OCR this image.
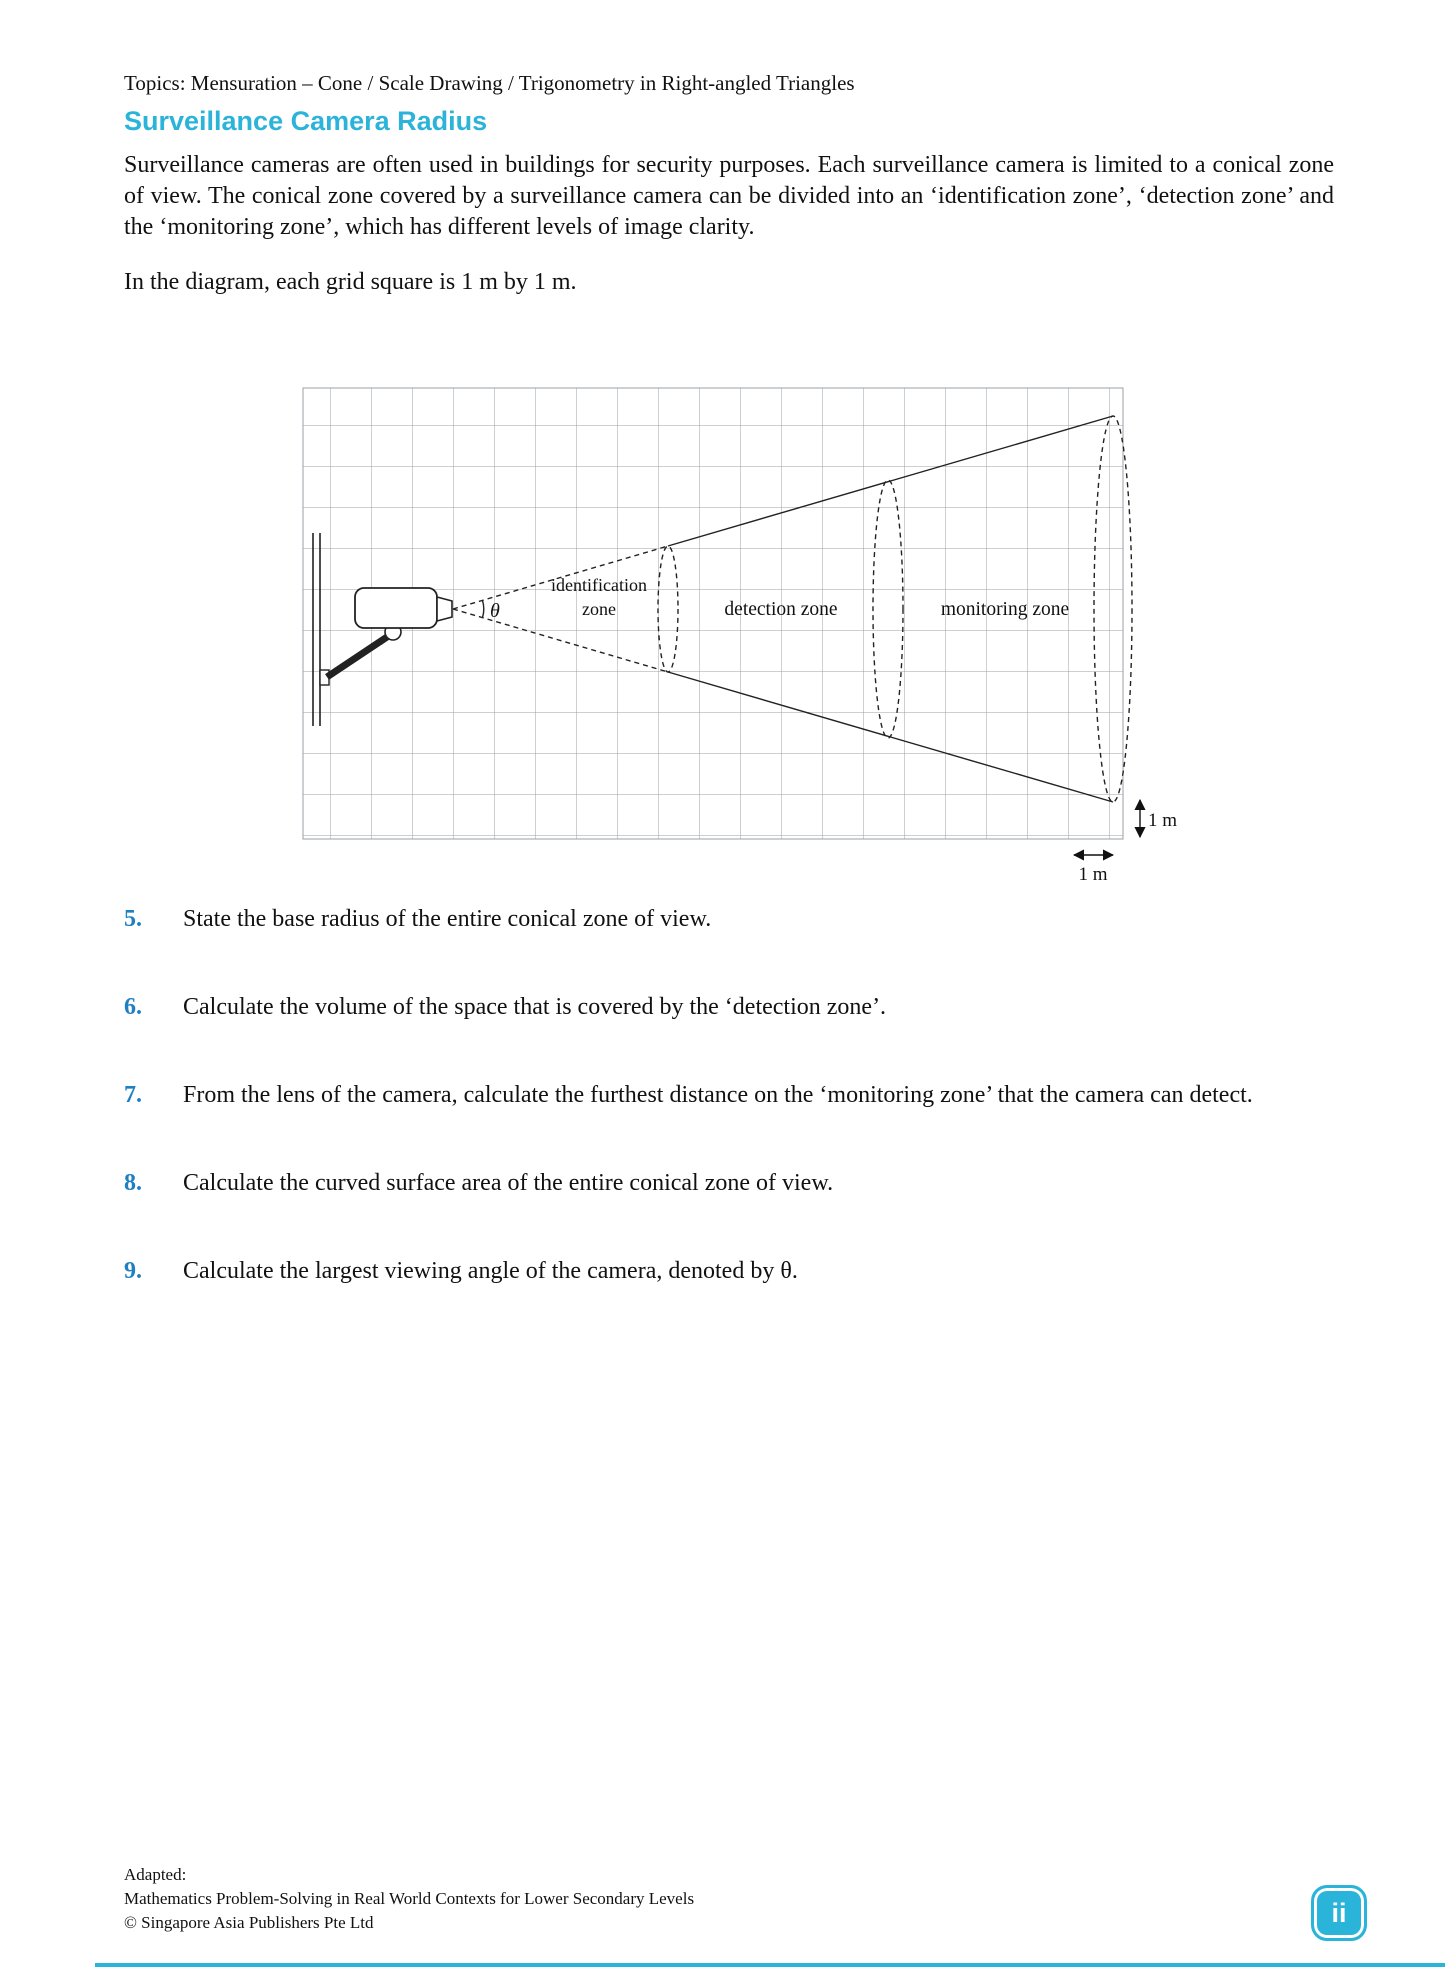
Topics: Mensuration – Cone / Scale Drawing / Trigonometry in Right-angled Triangles
Surveillance Camera Radius

Surveillance cameras are often used in buildings for security purposes. Each surveillance camera is limited to a conical zone of view. The conical zone covered by a surveillance camera can be divided into an ‘identification zone’, ‘detection zone’ and the ‘monitoring zone’, which has different levels of image clarity.

In the diagram, each grid square is 1 m by 1 m.
θ
identification
zone	detection zone	monitoring zone
1 m
1 m
5.	State the base radius of the entire conical zone of view.
6.	Calculate the volume of the space that is covered by the ‘detection zone’.
7.	From the lens of the camera, calculate the furthest distance on the ‘monitoring zone’ that the camera can detect.
8.	Calculate the curved surface area of the entire conical zone of view.
9.	Calculate the largest viewing angle of the camera, denoted by θ.
Adapted:
Mathematics Problem-Solving in Real World Contexts for Lower Secondary Levels
© Singapore Asia Publishers Pte Ltd	ii
